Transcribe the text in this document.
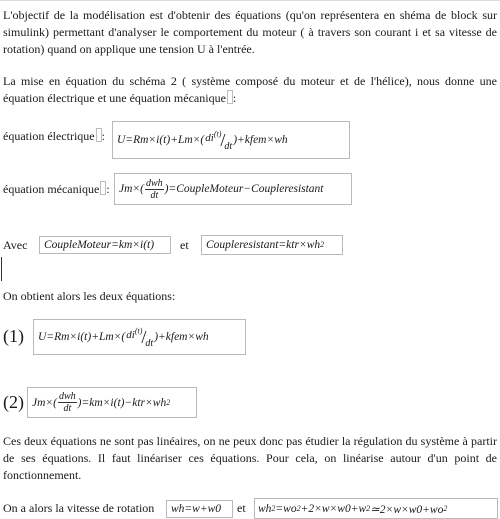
L'objectif de la modélisation est d'obtenir des équations (qu'on représentera en shéma de block sur simulink) permettant d'analyser le comportement du moteur ( à travers son courant i et sa vitesse de rotation) quand on applique une tension U à l'entrée.
La mise en équation du schéma 2 ( système composé du moteur et de l'hélice), nous donne une équation électrique et une équation mécanique :
équation électrique : U=Rm×i(t)+Lm×( $di^{(t)}$ / dt
)+kfem×wh
équation mécanique : $Jm\times( \frac{\text{dwh}}{dt}$ )=CoupleMoteur−Coupleresistant
Avec	CoupleMoteur=km×i(t)	et Coupleresistant=ktr×wh 2
On obtient alors les deux équations:
(1) U=Rm×i(t)+Lm×( $di^{(t)}$ / dt
)+kfem×wh
(2) $Jm\times( \frac{\text{dwh}}{dt} )=km\times i(t)-ktr\times wh$ 2
Ces deux équations ne sont pas linéaires, on ne peux donc pas étudier la régulation du système à partir de ses équations. Il faut linéariser ces équations. Pour cela, on linéarise autour d'un point de fonctionnement.
On a alors la vitesse de rotation	wh=w+w0	et wh 2 =wo 2 +2×w×w0+w 2 ≃2×w×w0+wo 2
